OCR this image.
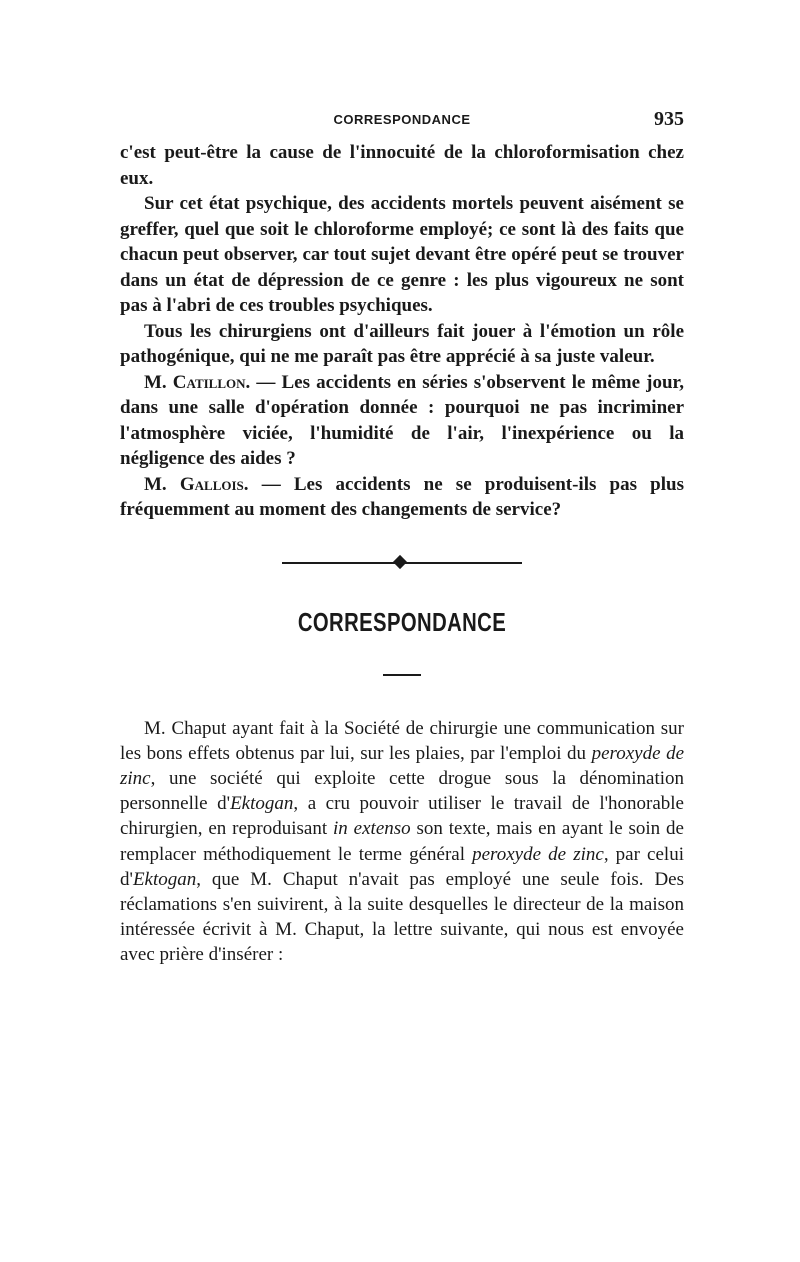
CORRESPONDANCE	935

c'est peut-être la cause de l'innocuité de la chloroformisation chez eux.

Sur cet état psychique, des accidents mortels peuvent aisément se greffer, quel que soit le chloroforme employé; ce sont là des faits que chacun peut observer, car tout sujet devant être opéré peut se trouver dans un état de dépression de ce genre : les plus vigoureux ne sont pas à l'abri de ces troubles psychiques.

Tous les chirurgiens ont d'ailleurs fait jouer à l'émotion un rôle pathogénique, qui ne me paraît pas être apprécié à sa juste valeur.

M. Catillon. — Les accidents en séries s'observent le même jour, dans une salle d'opération donnée : pourquoi ne pas incriminer l'atmosphère viciée, l'humidité de l'air, l'inexpérience ou la négligence des aides ?

M. Gallois. — Les accidents ne se produisent-ils pas plus fréquemment au moment des changements de service?

CORRESPONDANCE

M. Chaput ayant fait à la Société de chirurgie une communication sur les bons effets obtenus par lui, sur les plaies, par l'emploi du peroxyde de zinc, une société qui exploite cette drogue sous la dénomination personnelle d'Ektogan, a cru pouvoir utiliser le travail de l'honorable chirurgien, en reproduisant in extenso son texte, mais en ayant le soin de remplacer méthodiquement le terme général peroxyde de zinc, par celui d'Ektogan, que M. Chaput n'avait pas employé une seule fois. Des réclamations s'en suivirent, à la suite desquelles le directeur de la maison intéressée écrivit à M. Chaput, la lettre suivante, qui nous est envoyée avec prière d'insérer :
